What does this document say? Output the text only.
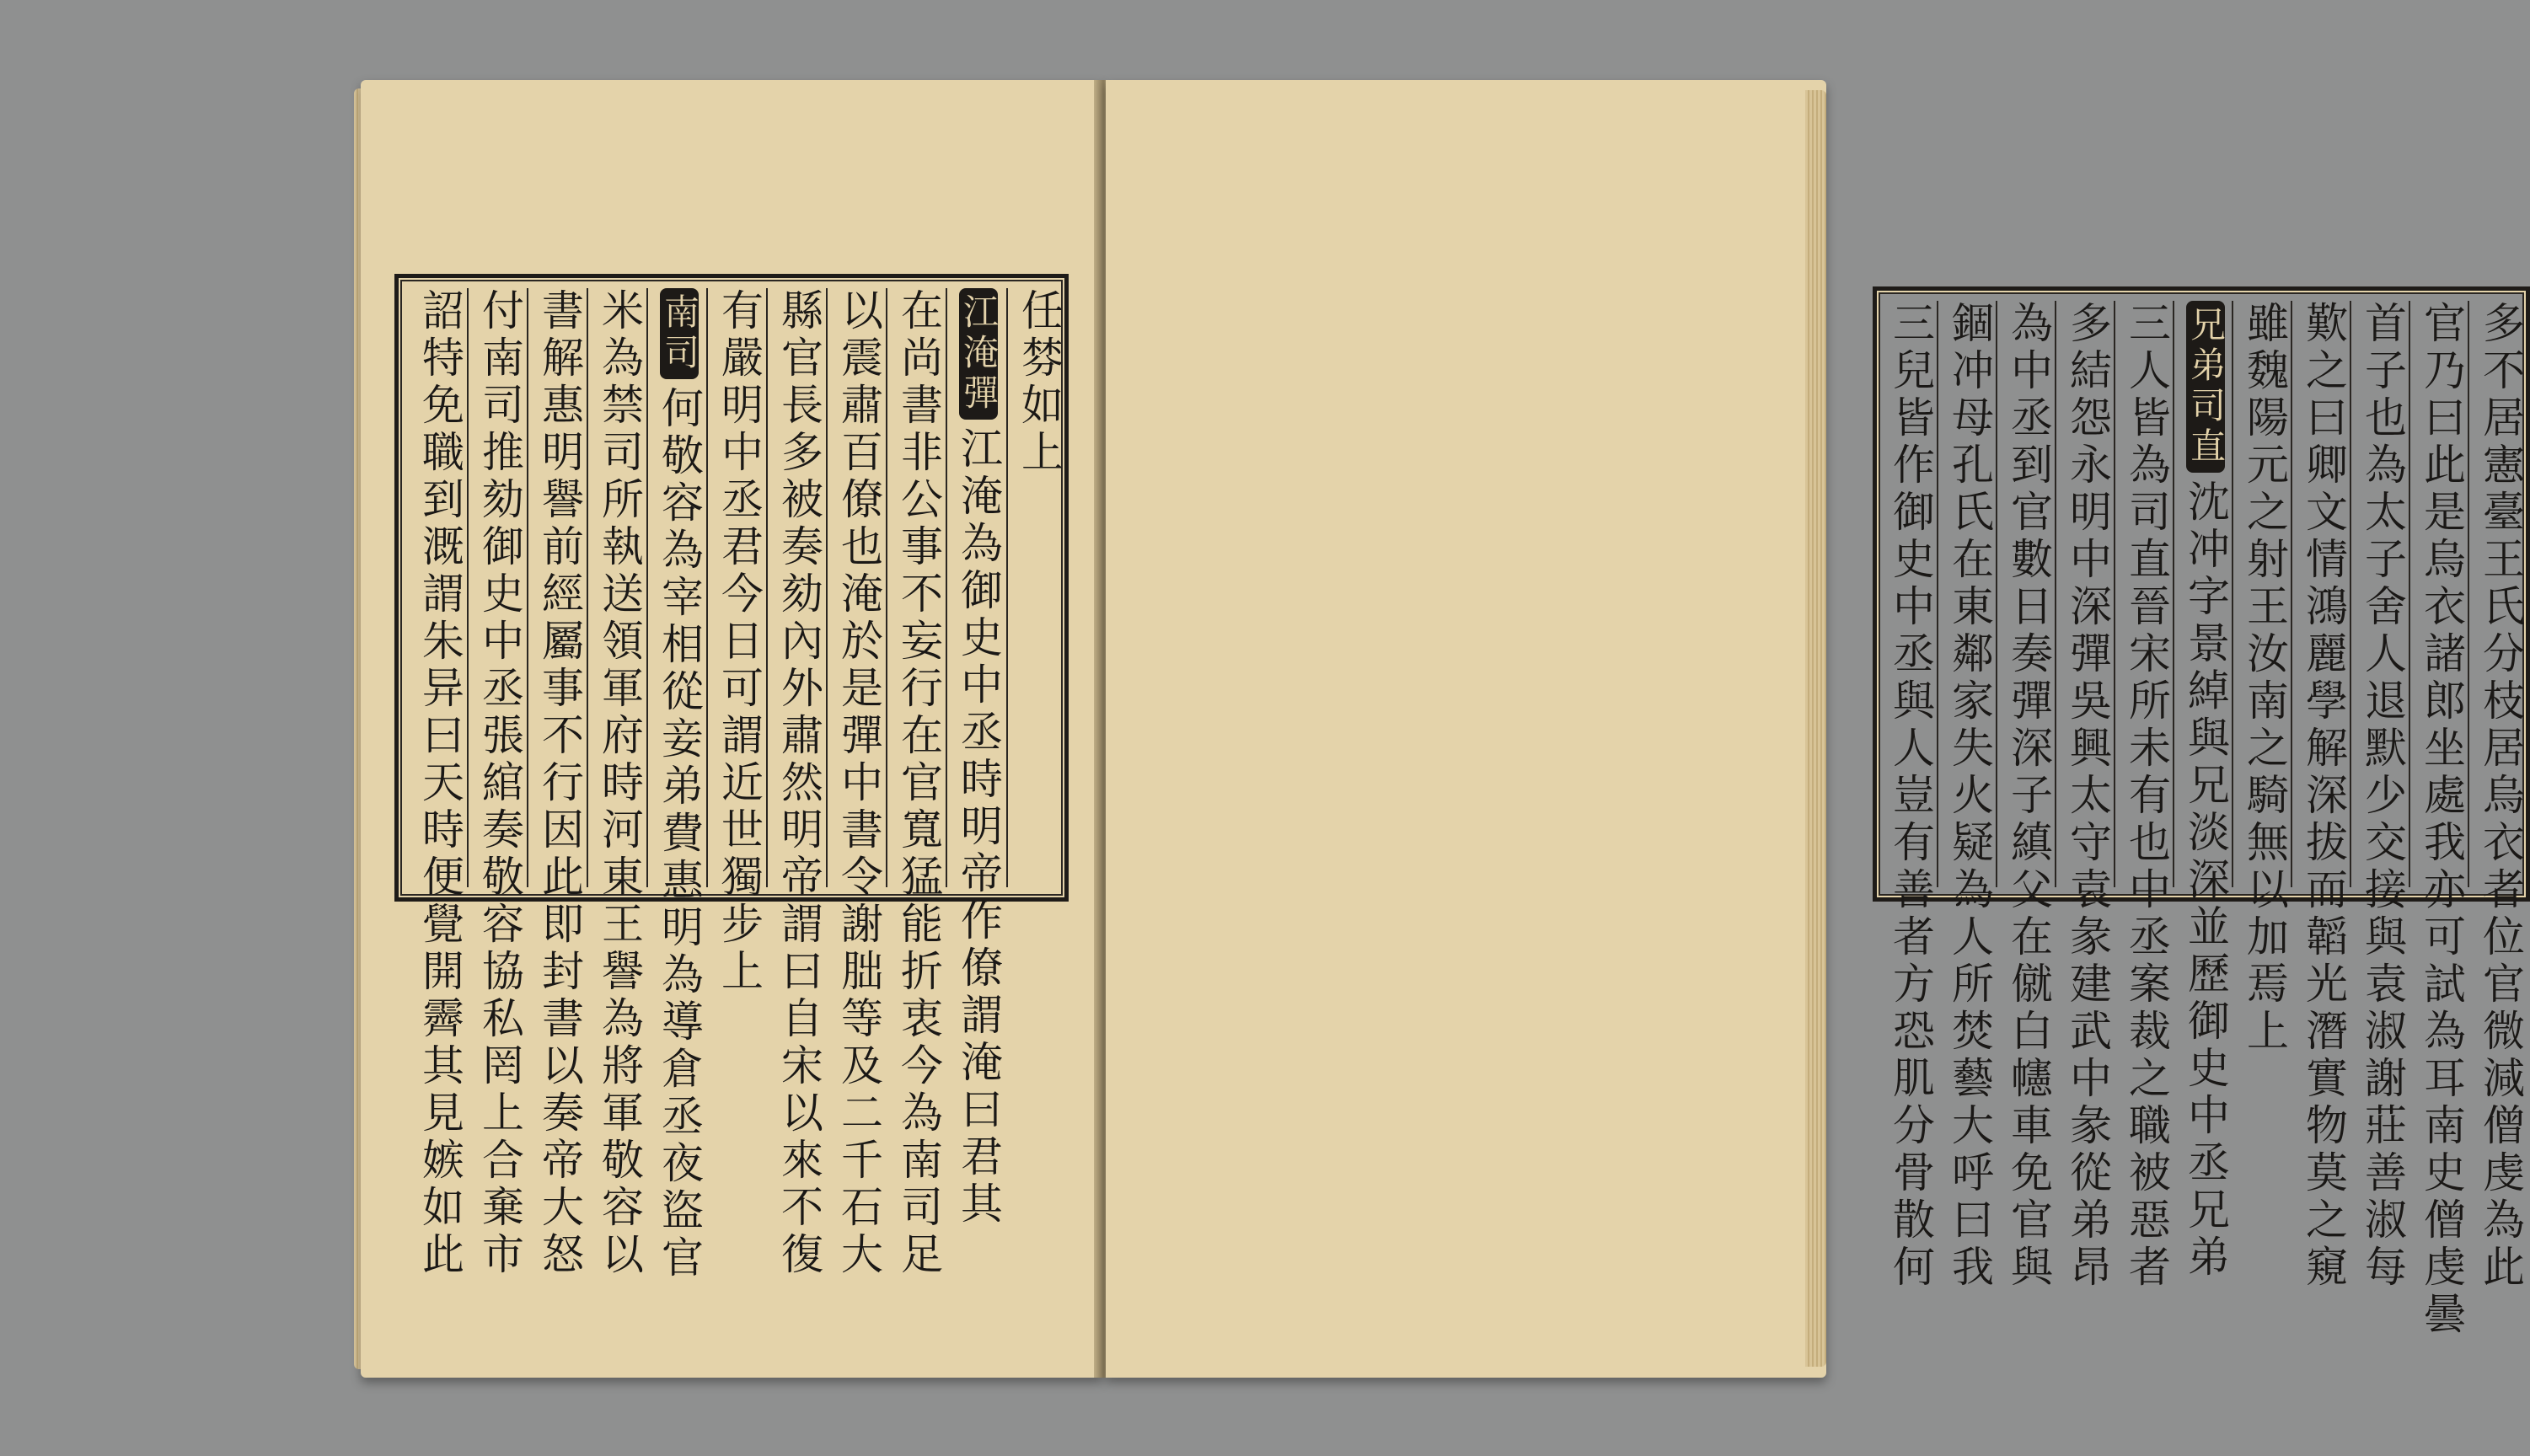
任棼如上
江淹彈江淹為御史中丞時明帝作僚謂淹曰君其
在尚書非公事不妄行在官寬猛能折衷今為南司足
以震肅百僚也淹於是彈中書令謝朏等及二千石大
縣官長多被奏劾內外肅然明帝謂曰自宋以來不復
有嚴明中丞君今日可謂近世獨步上
南司何敬容為宰相從妾弟費惠明為導倉丞夜盜官
米為禁司所執送領軍府時河東王譽為將軍敬容以
書解惠明譽前經屬事不行因此即封書以奏帝大怒
付南司推劾御史中丞張綰奏敬容協私罔上合棄市
詔特免職到溉謂朱异曰天時便覺開霽其見嫉如此	多不居憲臺王氏分枝居烏衣者位官微減僧虔為此
官乃曰此是烏衣諸郎坐處我亦可試為耳南史僧虔曇
首子也為太子舍人退默少交接與袁淑謝莊善淑每
歎之曰卿文情鴻麗學解深拔而韜光潛實物莫之窺
雖魏陽元之射王汝南之騎無以加焉上
兄弟司直沈冲字景綽與兄淡深並歷御史中丞兄弟
三人皆為司直晉宋所未有也中丞案裁之職被惡者
多結怨永明中深彈吳興太守袁彖建武中彖從弟昂
為中丞到官數日奏彈深子縝父在僦白幰車免官與
錮冲母孔氏在東鄰家失火疑為人所焚藝大呼曰我
三兒皆作御史中丞與人豈有善者方恐肌分骨散何
